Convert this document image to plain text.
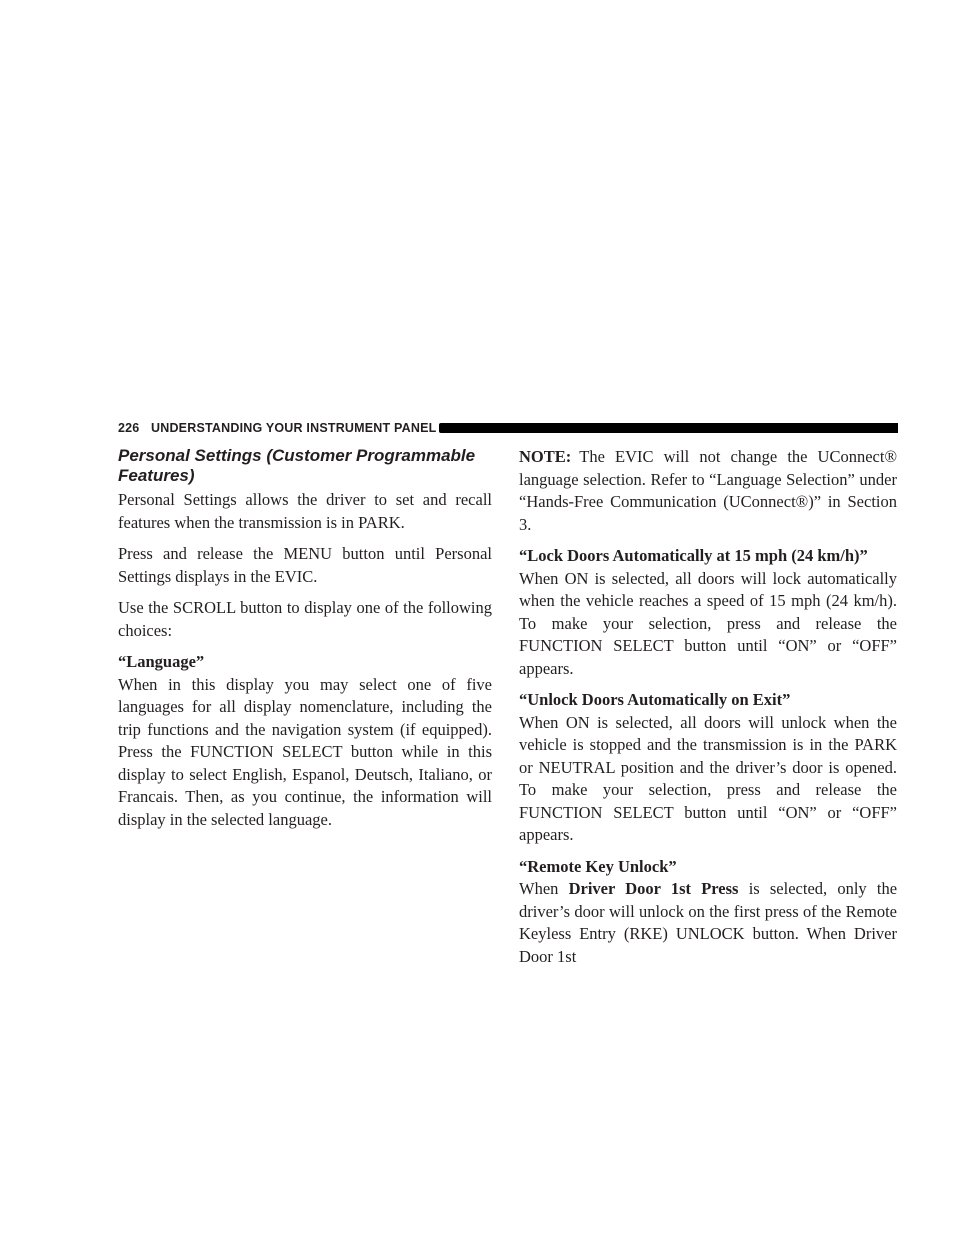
226 UNDERSTANDING YOUR INSTRUMENT PANEL
Personal Settings (Customer Programmable
Features)

Personal Settings allows the driver to set and recall features when the transmission is in PARK.

Press and release the MENU button until Personal Settings displays in the EVIC.

Use the SCROLL button to display one of the following choices:

“Language”

When in this display you may select one of five languages for all display nomenclature, including the trip functions and the navigation system (if equipped). Press the FUNCTION SELECT button while in this display to select English, Espanol, Deutsch, Italiano, or Francais. Then, as you continue, the information will display in the selected language.

NOTE: The EVIC will not change the UConnect® language selection. Refer to “Language Selection” under “Hands-Free Communication (UConnect®)” in Section 3.

“Lock Doors Automatically at 15 mph (24 km/h)”

When ON is selected, all doors will lock automatically when the vehicle reaches a speed of 15 mph (24 km/h). To make your selection, press and release the FUNCTION SELECT button until “ON” or “OFF” appears.

“Unlock Doors Automatically on Exit”

When ON is selected, all doors will unlock when the vehicle is stopped and the transmission is in the PARK or NEUTRAL position and the driver’s door is opened. To make your selection, press and release the FUNCTION SELECT button until “ON” or “OFF” appears.

“Remote Key Unlock”

When Driver Door 1st Press is selected, only the driver’s door will unlock on the first press of the Remote Keyless Entry (RKE) UNLOCK button. When Driver Door 1st
